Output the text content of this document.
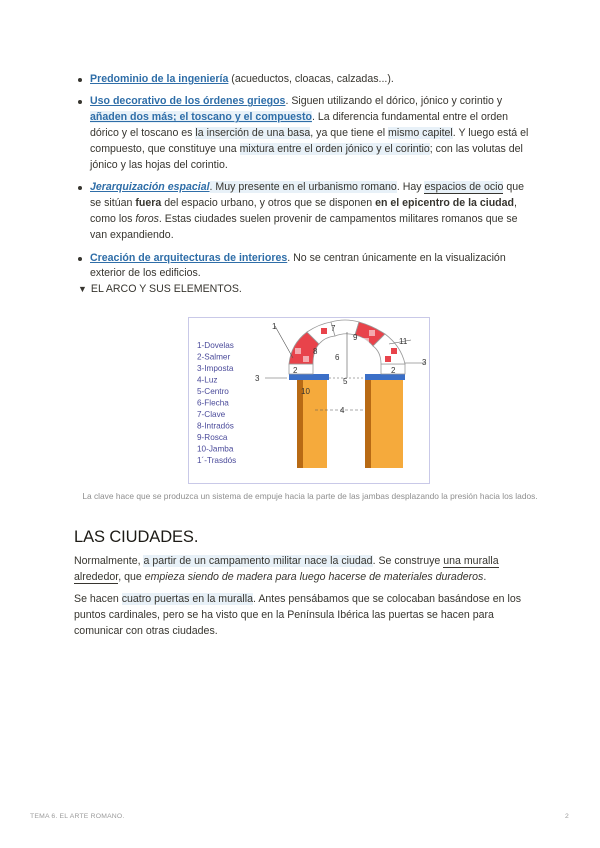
Predominio de la ingeniería (acueductos, cloacas, calzadas...).
Uso decorativo de los órdenes griegos. Siguen utilizando el dórico, jónico y corintio y añaden dos más; el toscano y el compuesto. La diferencia fundamental entre el orden dórico y el toscano es la inserción de una basa, ya que tiene el mismo capitel. Y luego está el compuesto, que constituye una mixtura entre el orden jónico y el corintio; con las volutas del jónico y las hojas del corintio.
Jerarquización espacial. Muy presente en el urbanismo romano. Hay espacios de ocio que se sitúan fuera del espacio urbano, y otros que se disponen en el epicentro de la ciudad, como los foros. Estas ciudades suelen provenir de campamentos militares romanos que se van expandiendo.
Creación de arquitecturas de interiores. No se centran únicamente en la visualización exterior de los edificios.
▼ EL ARCO Y SUS ELEMENTOS.
1-Dovelas
2-Salmer
3-Imposta
4-Luz
5-Centro
6-Flecha
7-Clave
8-Intradós
9-Rosca
10-Jamba
1´-Trasdós
1
2	2
3
3
4
5
6
7
8
9
10
11
La clave hace que se produzca un sistema de empuje hacia la parte de las jambas desplazando la presión hacia los lados.
LAS CIUDADES.

Normalmente, a partir de un campamento militar nace la ciudad. Se construye una muralla alrededor, que empieza siendo de madera para luego hacerse de materiales duraderos.

Se hacen cuatro puertas en la muralla. Antes pensábamos que se colocaban basándose en los puntos cardinales, pero se ha visto que en la Península Ibérica las puertas se hacen para comunicar con otras ciudades.

TEMA 6. EL ARTE ROMANO.	2
